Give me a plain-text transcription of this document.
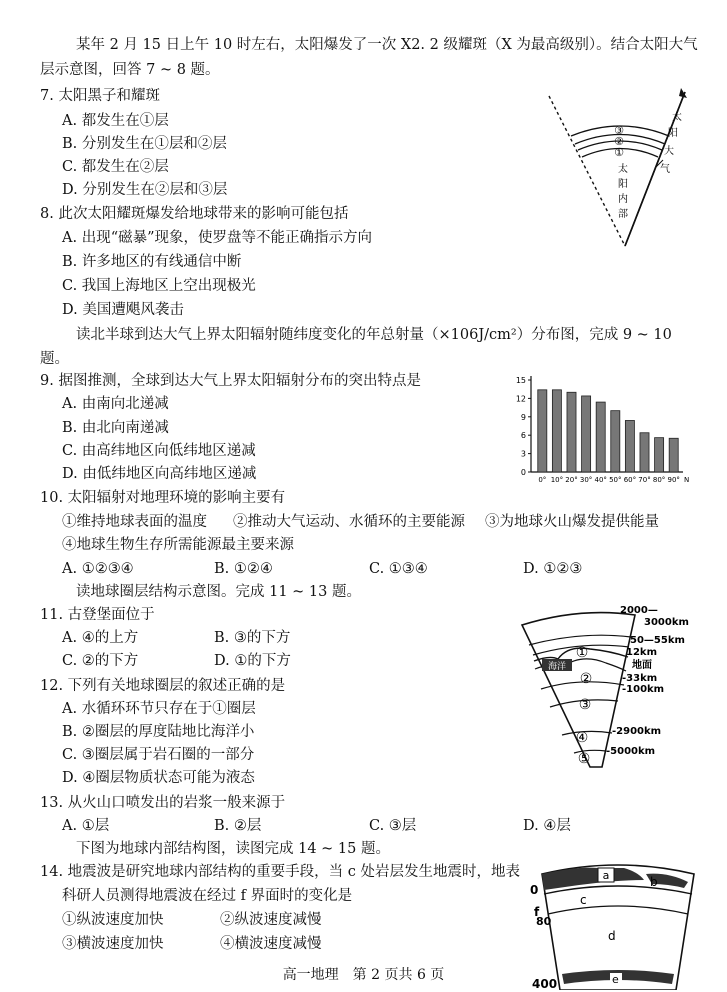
某年 2 月 15 日上午 10 时左右，太阳爆发了一次 X2. 2 级耀斑（X 为最高级别）。结合太阳大气
层示意图，回答 7 ~ 8 题。
7. 太阳黑子和耀斑
A. 都发生在①层
B. 分别发生在①层和②层
C. 都发生在②层
D. 分别发生在②层和③层
8. 此次太阳耀斑爆发给地球带来的影响可能包括
A. 出现“磁暴”现象，使罗盘等不能正确指示方向
B. 许多地区的有线通信中断
C. 我国上海地区上空出现极光
D. 美国遭飓风袭击
读北半球到达大气上界太阳辐射随纬度变化的年总射量（×106J/cm²）分布图，完成 9 ~ 10
题。
9. 据图推测，全球到达大气上界太阳辐射分布的突出特点是
A. 由南向北递减
B. 由北向南递减
C. 由高纬地区向低纬地区递减
D. 由低纬地区向高纬地区递减
10. 太阳辐射对地理环境的影响主要有
①维持地球表面的温度 ②推动大气运动、水循环的主要能源 ③为地球火山爆发提供能量
④地球生物生存所需能源最主要来源
A. ①②③④	B. ①②④	C. ①③④	D. ①②③
读地球圈层结构示意图。完成 11 ~ 13 题。
11. 古登堡面位于
A. ④的上方	B. ③的下方
C. ②的下方	D. ①的下方
12. 下列有关地球圈层的叙述正确的是
A. 水循环环节只存在于①圈层
B. ②圈层的厚度陆地比海洋小
C. ③圈层属于岩石圈的一部分
D. ④圈层物质状态可能为液态
13. 从火山口喷发出的岩浆一般来源于
A. ①层	B. ②层	C. ③层	D. ④层
下图为地球内部结构图，读图完成 14 ~ 15 题。
14. 地震波是研究地球内部结构的重要手段，当 c 处岩层发生地震时，地表
科研人员测得地震波在经过 f 界面时的变化是
①纵波速度加快	②纵波速度减慢
③横波速度加快	④横波速度减慢
高一地理　第 2 页共 6 页
③
②
①
太
阳
内
部
太
阳
大
气
0
3
6
9
12
15
0° 10° 20° 30° 40° 50° 60° 70° 80° 90° N
海洋
①
②
③
④
⑤
2000—
3000km
50—55km
12km
地面
-33km
-100km
-2900km
-5000km
a	b
c
d
e
f
0
80
400
